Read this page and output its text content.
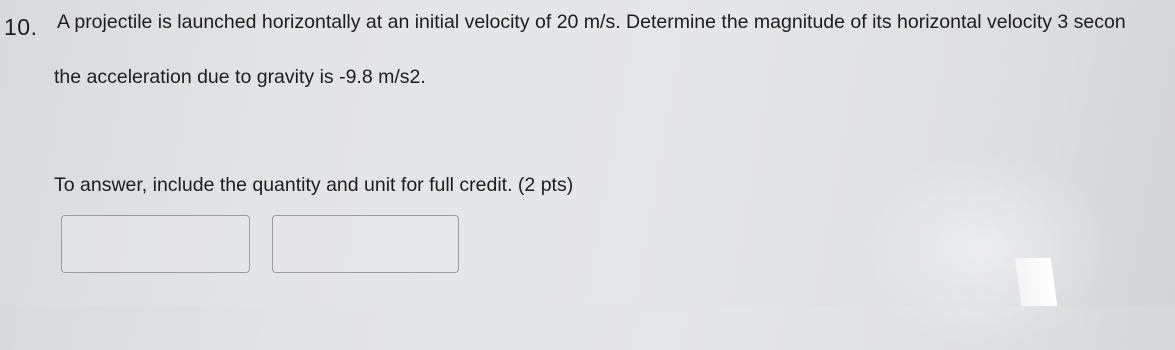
10. A projectile is launched horizontally at an initial velocity of 20 m/s. Determine the magnitude of its horizontal velocity 3 secon
the acceleration due to gravity is -9.8 m/s2.
To answer, include the quantity and unit for full credit. (2 pts)
